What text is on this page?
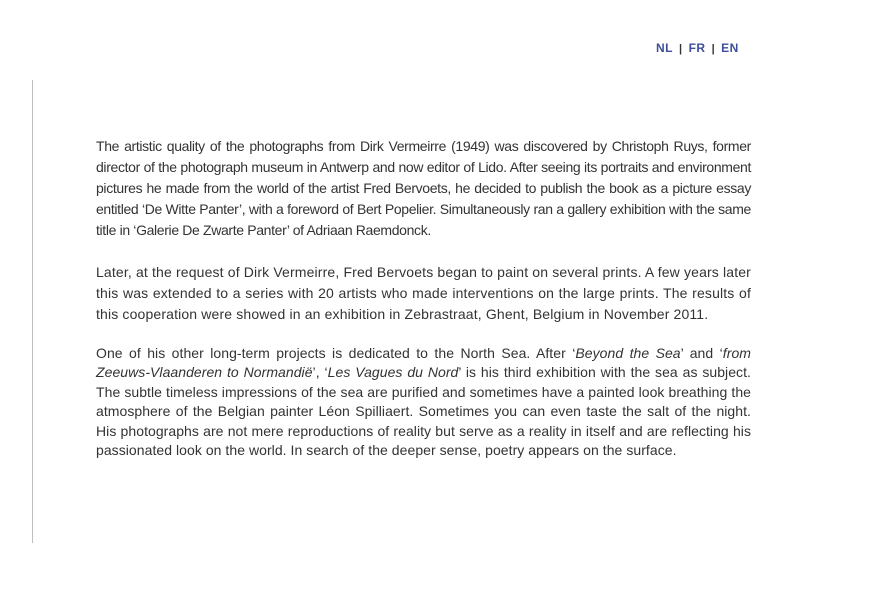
NL | FR | EN

The artistic quality of the photographs from Dirk Vermeirre (1949) was discovered by Christoph Ruys, former director of the photograph museum in Antwerp and now editor of Lido. After seeing its portraits and environment pictures he made from the world of the artist Fred Bervoets, he decided to publish the book as a picture essay entitled ‘De Witte Panter’, with a foreword of Bert Popelier. Simultaneously ran a gallery exhibition with the same title in ‘Galerie De Zwarte Panter’ of Adriaan Raemdonck.

Later, at the request of Dirk Vermeirre, Fred Bervoets began to paint on several prints. A few years later this was extended to a series with 20 artists who made interventions on the large prints. The results of this cooperation were showed in an exhibition in Zebrastraat, Ghent, Belgium in November 2011.

One of his other long-term projects is dedicated to the North Sea. After ‘Beyond the Sea’ and ‘from Zeeuws-Vlaanderen to Normandië’, ‘Les Vagues du Nord’ is his third exhibition with the sea as subject. The subtle timeless impressions of the sea are purified and sometimes have a painted look breathing the atmosphere of the Belgian painter Léon Spilliaert. Sometimes you can even taste the salt of the night. His photographs are not mere reproductions of reality but serve as a reality in itself and are reflecting his passionated look on the world. In search of the deeper sense, poetry appears on the surface.
